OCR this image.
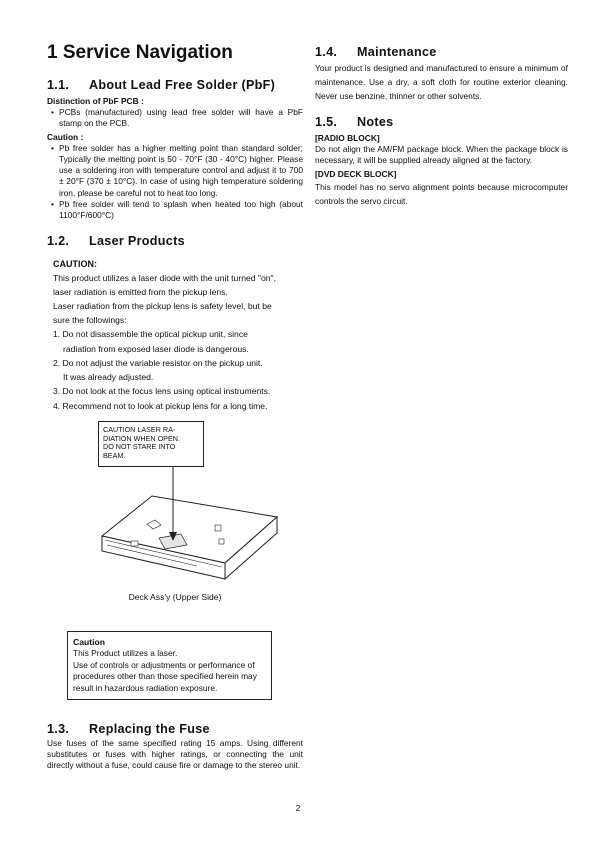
1 Service Navigation
1.1.	About Lead Free Solder (PbF)
Distinction of PbF PCB :
• PCBs (manufactured) using lead free solder will have a PbF stamp on the PCB.
Caution :
• Pb free solder has a higher melting point than standard solder; Typically the melting point is 50 - 70°F (30 - 40°C) higher. Please use a soldering iron with temperature control and adjust it to 700 ± 20°F (370 ± 10°C). In case of using high temperature soldering iron, please be careful not to heat too long.
• Pb free solder will tend to splash when heated too high (about 1100°F/600°C)
1.2.	Laser Products
CAUTION:
This product utilizes a laser diode with the unit turned "on",
laser radiation is emitted from the pickup lens.
Laser radiation from the pickup lens is safety level, but be
sure the followings:
1. Do not disassemble the optical pickup unit, since
radiation from exposed laser diode is dangerous.
2. Do not adjust the variable resistor on the pickup unit.
It was already adjusted.
3. Do not look at the focus lens using optical instruments.
4. Recommend not to look at pickup lens for a long time.
CAUTION LASER RA-
DIATION WHEN OPEN.
DO NOT STARE INTO
BEAM.
Deck Ass'y (Upper Side)
Caution
This Product utilizes a laser.
Use of controls or adjustments or performance of
procedures other than those specified herein may
result in hazardous radiation exposure.
1.3.	Replacing the Fuse
Use fuses of the same specified rating 15 amps. Using different substitutes or fuses with higher ratings, or connecting the unit directly without a fuse, could cause fire or damage to the stereo unit.
1.4.	Maintenance
Your product is designed and manufactured to ensure a minimum of maintenance. Use a dry, a soft cloth for routine exterior cleaning. Never use benzine, thinner or other solvents.
1.5.	Notes
[RADIO BLOCK]
Do not align the AM/FM package block. When the package block is necessary, it will be supplied already aligned at the factory.
[DVD DECK BLOCK]
This model has no servo alignment points because microcomputer controls the servo circuit.
2
